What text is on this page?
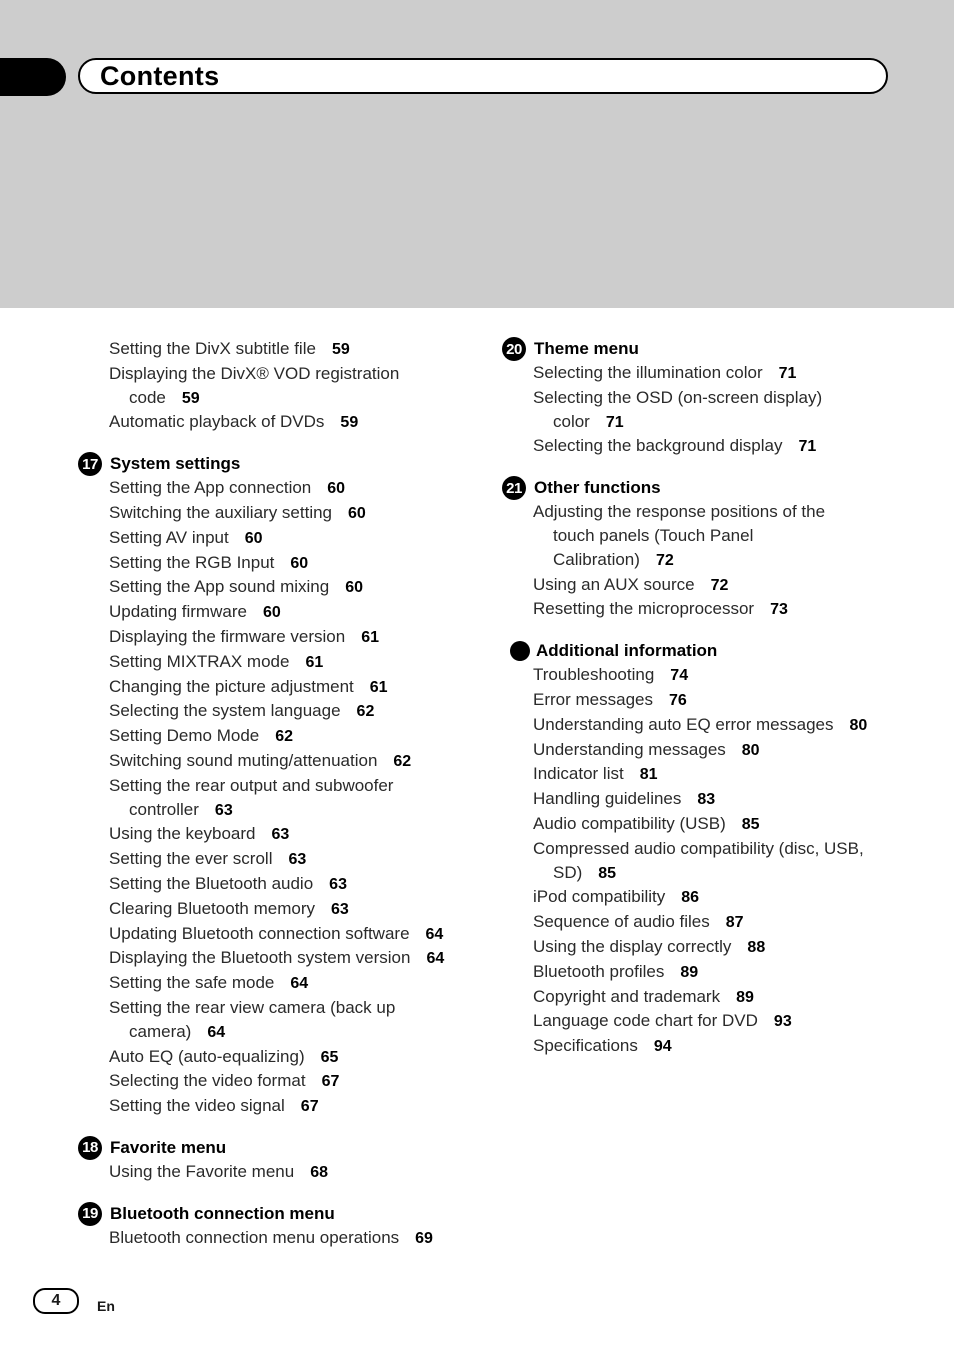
Contents
Setting the DivX subtitle file 59
Displaying the DivX® VOD registration
code 59
Automatic playback of DVDs 59
17 System settings
Setting the App connection 60
Switching the auxiliary setting 60
Setting AV input 60
Setting the RGB Input 60
Setting the App sound mixing 60
Updating firmware 60
Displaying the firmware version 61
Setting MIXTRAX mode 61
Changing the picture adjustment 61
Selecting the system language 62
Setting Demo Mode 62
Switching sound muting/attenuation 62
Setting the rear output and subwoofer
controller 63
Using the keyboard 63
Setting the ever scroll 63
Setting the Bluetooth audio 63
Clearing Bluetooth memory 63
Updating Bluetooth connection software 64
Displaying the Bluetooth system version 64
Setting the safe mode 64
Setting the rear view camera (back up
camera) 64
Auto EQ (auto-equalizing) 65
Selecting the video format 67
Setting the video signal 67
18 Favorite menu
Using the Favorite menu 68
19 Bluetooth connection menu
Bluetooth connection menu operations 69
20 Theme menu
Selecting the illumination color 71
Selecting the OSD (on-screen display)
color 71
Selecting the background display 71
21 Other functions
Adjusting the response positions of the
touch panels (Touch Panel
Calibration) 72
Using an AUX source 72
Resetting the microprocessor 73
Additional information
Troubleshooting 74
Error messages 76
Understanding auto EQ error messages 80
Understanding messages 80
Indicator list 81
Handling guidelines 83
Audio compatibility (USB) 85
Compressed audio compatibility (disc, USB,
SD) 85
iPod compatibility 86
Sequence of audio files 87
Using the display correctly 88
Bluetooth profiles 89
Copyright and trademark 89
Language code chart for DVD 93
Specifications 94
4	En
